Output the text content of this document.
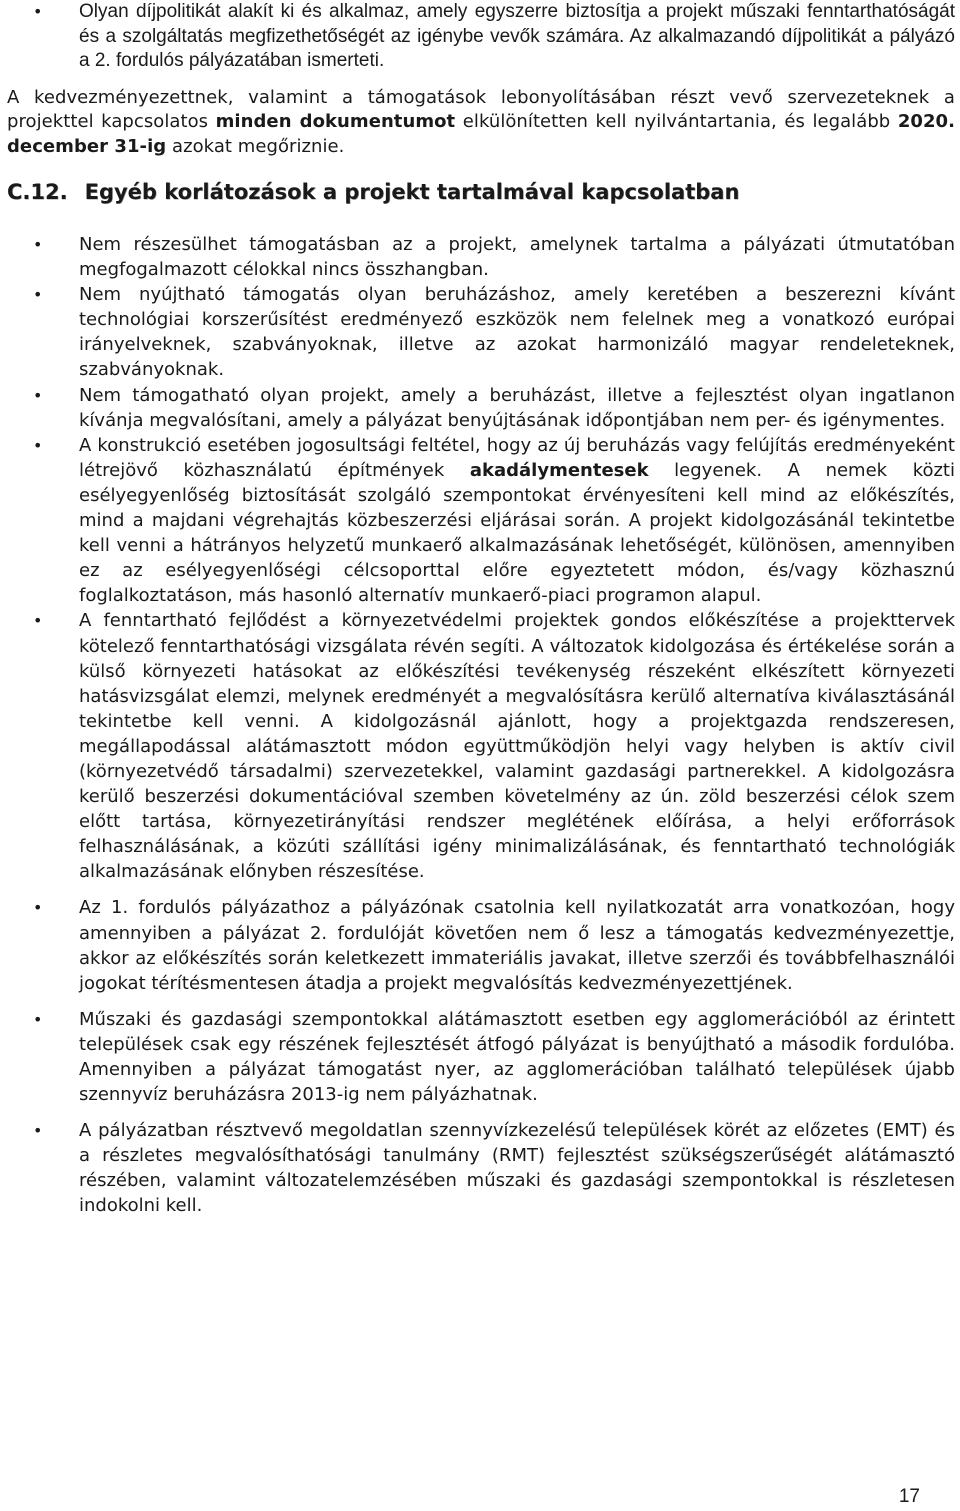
• Olyan díjpolitikát alakít ki és alkalmaz, amely egyszerre biztosítja a projekt műszaki fenntarthatóságát és a szolgáltatás megfizethetőségét az igénybe vevők számára. Az alkalmazandó díjpolitikát a pályázó a 2. fordulós pályázatában ismerteti.

A kedvezményezettnek, valamint a támogatások lebonyolításában részt vevő szervezeteknek a projekttel kapcsolatos minden dokumentumot elkülönítetten kell nyilvántartania, és legalább 2020. december 31-ig azokat megőriznie.

C.12. Egyéb korlátozások a projekt tartalmával kapcsolatban
• Nem részesülhet támogatásban az a projekt, amelynek tartalma a pályázati útmutatóban megfogalmazott célokkal nincs összhangban.
• Nem nyújtható támogatás olyan beruházáshoz, amely keretében a beszerezni kívánt technológiai korszerűsítést eredményező eszközök nem felelnek meg a vonatkozó európai irányelveknek, szabványoknak, illetve az azokat harmonizáló magyar rendeleteknek, szabványoknak.
• Nem támogatható olyan projekt, amely a beruházást, illetve a fejlesztést olyan ingatlanon kívánja megvalósítani, amely a pályázat benyújtásának időpontjában nem per- és igénymentes.
• A konstrukció esetében jogosultsági feltétel, hogy az új beruházás vagy felújítás eredményeként létrejövő közhasználatú építmények akadálymentesek legyenek. A nemek közti esélyegyenlőség biztosítását szolgáló szempontokat érvényesíteni kell mind az előkészítés, mind a majdani végrehajtás közbeszerzési eljárásai során. A projekt kidolgozásánál tekintetbe kell venni a hátrányos helyzetű munkaerő alkalmazásának lehetőségét, különösen, amennyiben ez az esélyegyenlőségi célcsoporttal előre egyeztetett módon, és/vagy közhasznú foglalkoztatáson, más hasonló alternatív munkaerő-piaci programon alapul.
• A fenntartható fejlődést a környezetvédelmi projektek gondos előkészítése a projekttervek kötelező fenntarthatósági vizsgálata révén segíti. A változatok kidolgozása és értékelése során a külső környezeti hatásokat az előkészítési tevékenység részeként elkészített környezeti hatásvizsgálat elemzi, melynek eredményét a megvalósításra kerülő alternatíva kiválasztásánál tekintetbe kell venni. A kidolgozásnál ajánlott, hogy a projektgazda rendszeresen, megállapodással alátámasztott módon együttműködjön helyi vagy helyben is aktív civil (környezetvédő társadalmi) szervezetekkel, valamint gazdasági partnerekkel. A kidolgozásra kerülő beszerzési dokumentációval szemben követelmény az ún. zöld beszerzési célok szem előtt tartása, környezetirányítási rendszer meglétének előírása, a helyi erőforrások felhasználásának, a közúti szállítási igény minimalizálásának, és fenntartható technológiák alkalmazásának előnyben részesítése.
• Az 1. fordulós pályázathoz a pályázónak csatolnia kell nyilatkozatát arra vonatkozóan, hogy amennyiben a pályázat 2. fordulóját követően nem ő lesz a támogatás kedvezményezettje, akkor az előkészítés során keletkezett immateriális javakat, illetve szerzői és továbbfelhasználói jogokat térítésmentesen átadja a projekt megvalósítás kedvezményezettjének.
• Műszaki és gazdasági szempontokkal alátámasztott esetben egy agglomerációból az érintett települések csak egy részének fejlesztését átfogó pályázat is benyújtható a második fordulóba. Amennyiben a pályázat támogatást nyer, az agglomerációban található települések újabb szennyvíz beruházásra 2013-ig nem pályázhatnak.
• A pályázatban résztvevő megoldatlan szennyvízkezelésű települések körét az előzetes (EMT) és a részletes megvalósíthatósági tanulmány (RMT) fejlesztést szükségszerűségét alátámasztó részében, valamint változatelemzésében műszaki és gazdasági szempontokkal is részletesen indokolni kell.
17
